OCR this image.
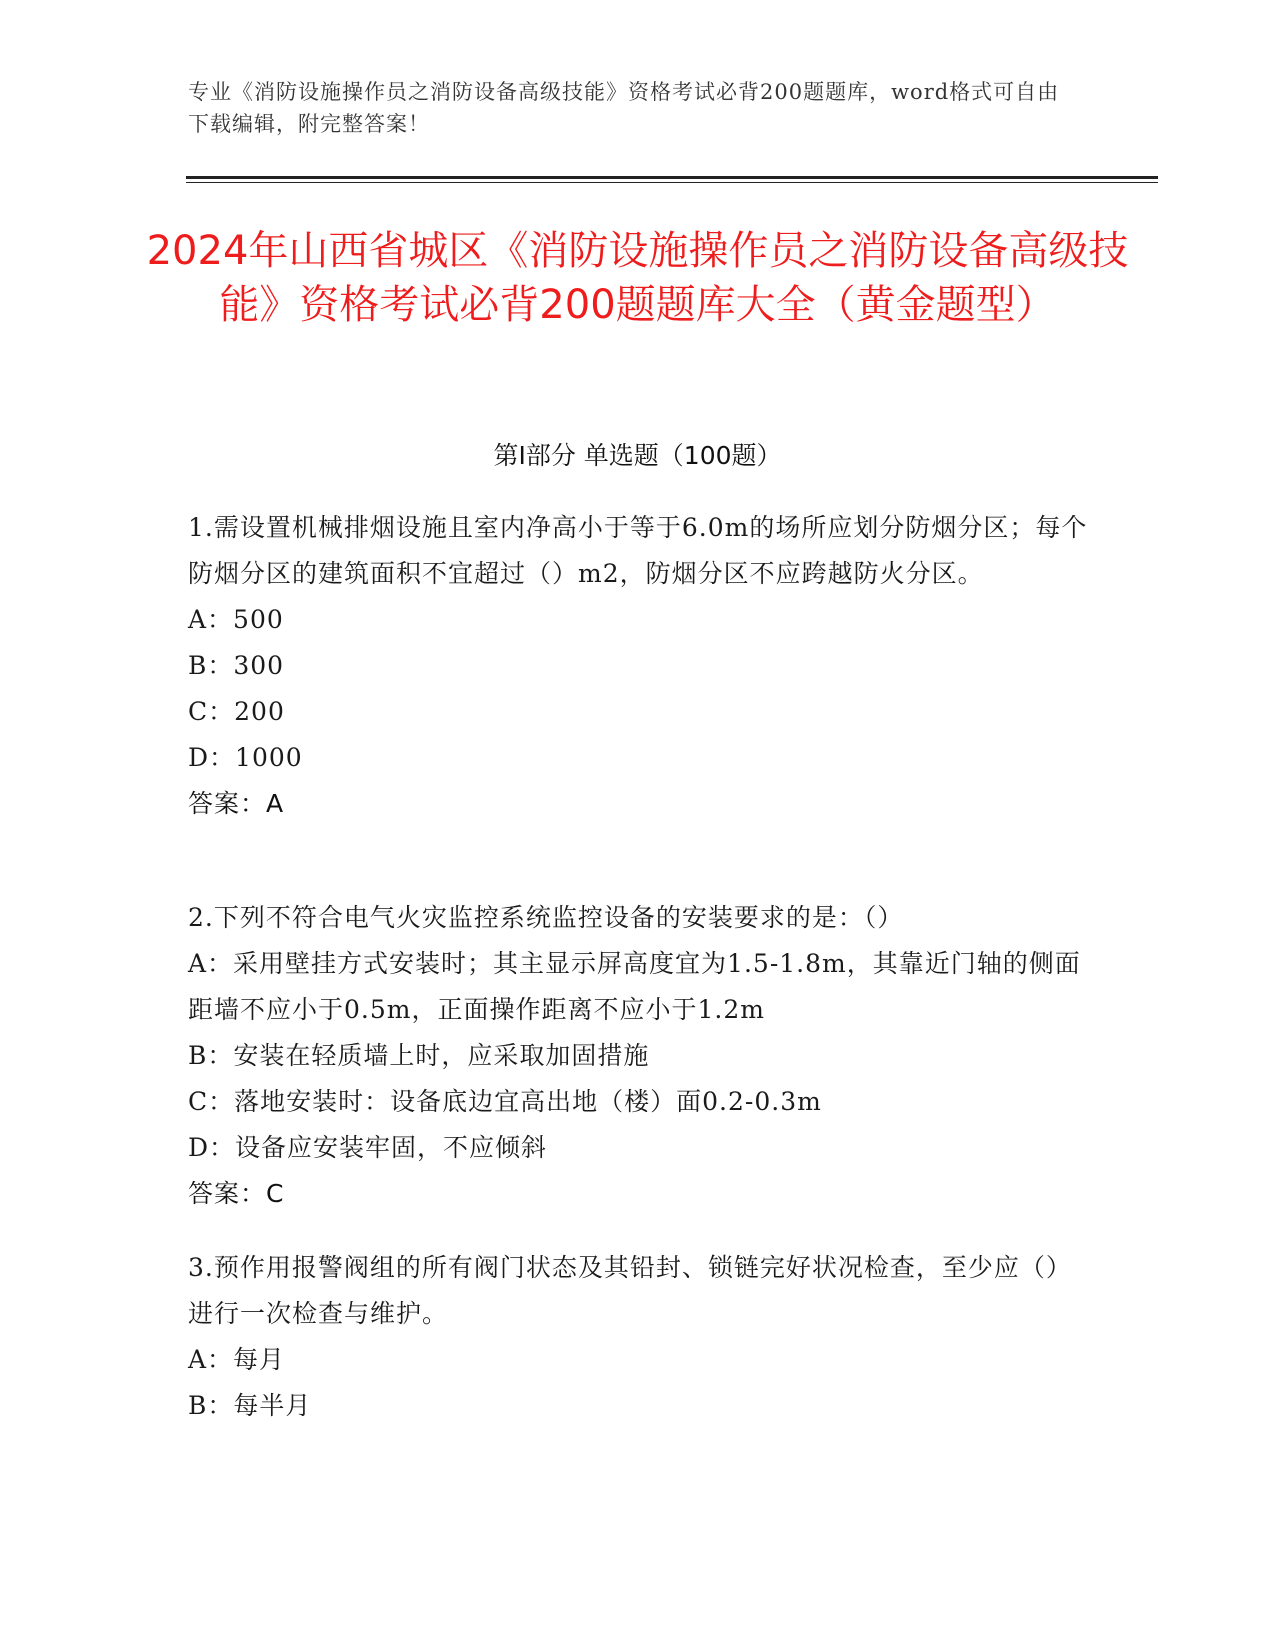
专业《消防设施操作员之消防设备高级技能》资格考试必背200题题库，word格式可自由下载编辑，附完整答案！
2024年山西省城区《消防设施操作员之消防设备高级技能》资格考试必背200题题库大全（黄金题型）
第I部分 单选题（100题）
1.需设置机械排烟设施且室内净高小于等于6.0m的场所应划分防烟分区；每个防烟分区的建筑面积不宜超过（）m2，防烟分区不应跨越防火分区。
A：500
B：300
C：200
D：1000
答案：A
2.下列不符合电气火灾监控系统监控设备的安装要求的是：（）
A：采用壁挂方式安装时；其主显示屏高度宜为1.5-1.8m，其靠近门轴的侧面距墙不应小于0.5m，正面操作距离不应小于1.2m
B：安装在轻质墙上时，应采取加固措施
C：落地安装时：设备底边宜高出地（楼）面0.2-0.3m
D：设备应安装牢固，不应倾斜
答案：C
3.预作用报警阀组的所有阀门状态及其铅封、锁链完好状况检查，至少应（）进行一次检查与维护。
A：每月
B：每半月
